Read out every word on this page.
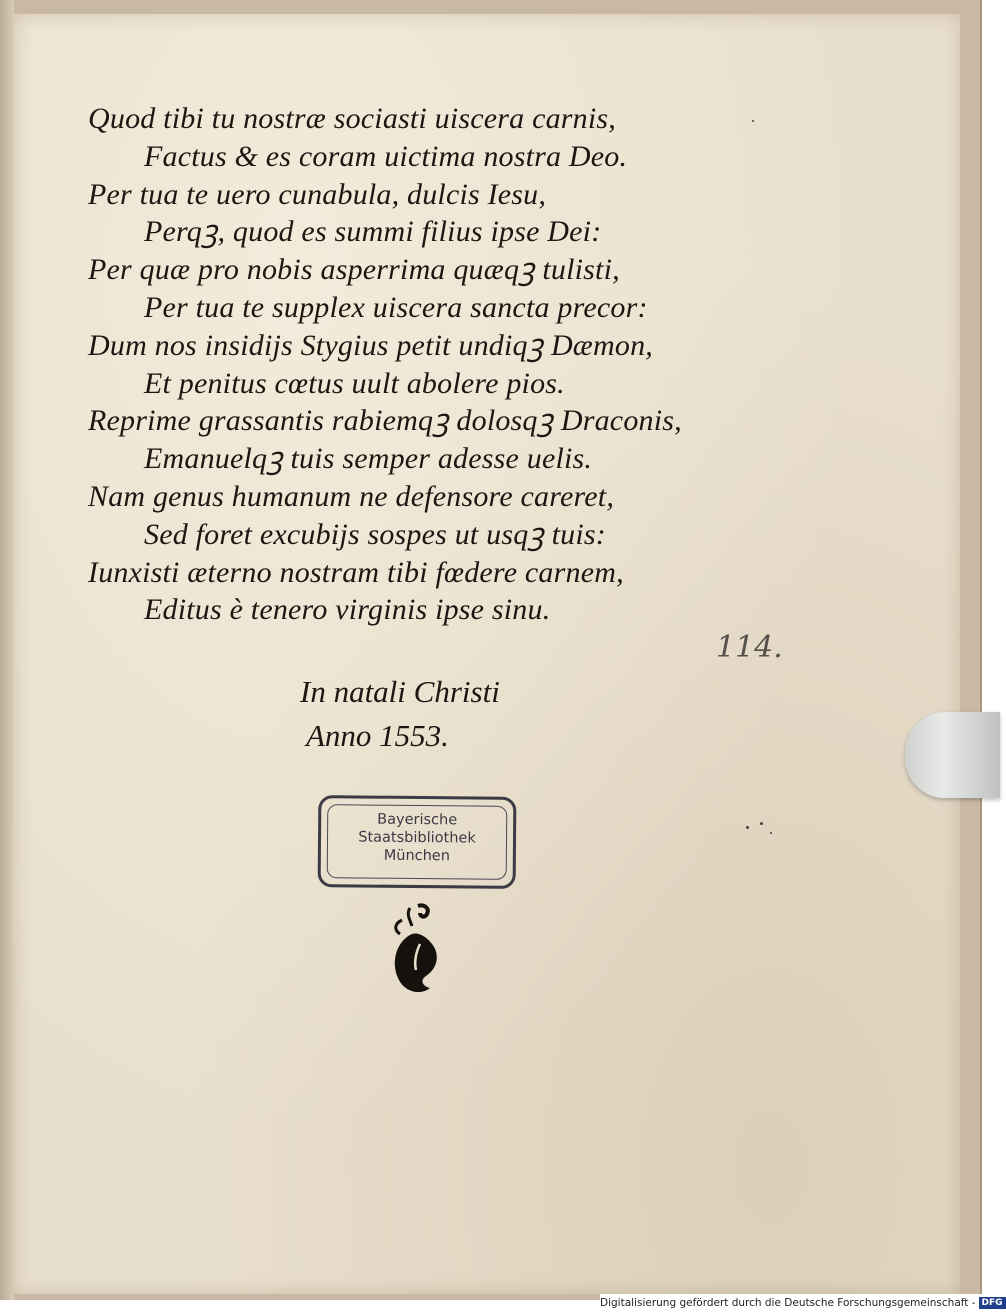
Quod tibi tu nostræ sociasti uiscera carnis,
Factus & es coram uictima nostra Deo.
Per tua te uero cunabula, dulcis Iesu,
Perqꝫ, quod es summi filius ipse Dei:
Per quæ pro nobis asperrima quæqꝫ tulisti,
Per tua te supplex uiscera sancta precor:
Dum nos insidijs Stygius petit undiqꝫ Dæmon,
Et penitus cœtus uult abolere pios.
Reprime grassantis rabiemqꝫ dolosqꝫ Draconis,
Emanuelqꝫ tuis semper adesse uelis.
Nam genus humanum ne defensore careret,
Sed foret excubijs sospes ut usqꝫ tuis:
Iunxisti æterno nostram tibi fœdere carnem,
Editus è tenero virginis ipse sinu.
114.
In natali Christi
Anno 1553.
Bayerische
Staatsbibliothek
München
Digitalisierung gefördert durch die Deutsche Forschungsgemeinschaft - DFG
